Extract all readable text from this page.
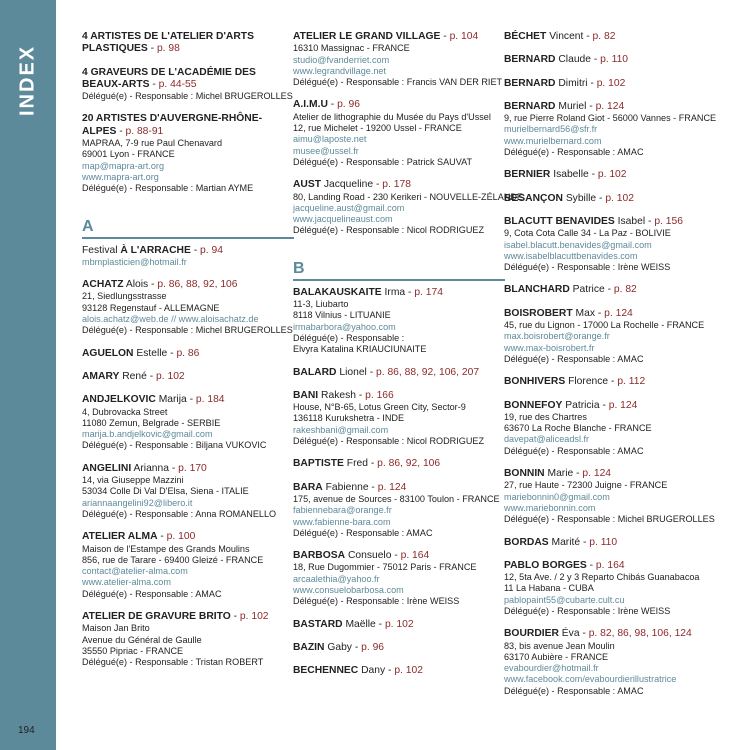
INDEX
194
4 ARTISTES DE L'ATELIER D'ARTS PLASTIQUES - p. 98
4 GRAVEURS DE L'ACADÉMIE DES BEAUX-ARTS - p. 44-55
Délégué(e) - Responsable : Michel BRUGEROLLES
20 ARTISTES D'AUVERGNE-RHÔNE-ALPES - p. 88-91
MAPRAA, 7-9 rue Paul Chenavard
69001 Lyon - FRANCE
map@mapra-art.org
www.mapra-art.org
Délégué(e) - Responsable : Martian AYME
A
Festival À L'ARRACHE - p. 94
mbmplasticien@hotmail.fr
ACHATZ Alois - p. 86, 88, 92, 106
21, Siedlungsstrasse
93128 Regenstauf - ALLEMAGNE
alois.achatz@web.de // www.aloisachatz.de
Délégué(e) - Responsable : Michel BRUGEROLLES
AGUELON Estelle - p. 86
AMARY René - p. 102
ANDJELKOVIC Marija - p. 184
4, Dubrovacka Street
11080 Zemun, Belgrade - SERBIE
marija.b.andjelkovic@gmail.com
Délégué(e) - Responsable : Biljana VUKOVIC
ANGELINI Arianna - p. 170
14, via Giuseppe Mazzini
53034 Colle Di Val D'Elsa, Siena - ITALIE
ariannaangelini92@libero.it
Délégué(e) - Responsable : Anna ROMANELLO
ATELIER ALMA - p. 100
Maison de l'Estampe des Grands Moulins
856, rue de Tarare - 69400 Gleizé - FRANCE
contact@atelier-alma.com
www.atelier-alma.com
Délégué(e) - Responsable : AMAC
ATELIER DE GRAVURE BRITO - p. 102
Maison Jan Brito
Avenue du Général de Gaulle
35550 Pipriac - FRANCE
Délégué(e) - Responsable : Tristan ROBERT
ATELIER LE GRAND VILLAGE - p. 104
16310 Massignac - FRANCE
studio@fvanderriet.com
www.legrandvillage.net
Délégué(e) - Responsable : Francis VAN DER RIET
A.I.M.U - p. 96
Atelier de lithographie du Musée du Pays d'Ussel
12, rue Michelet - 19200 Ussel - FRANCE
aimu@laposte.net
musee@ussel.fr
Délégué(e) - Responsable : Patrick SAUVAT
AUST Jacqueline - p. 178
80, Landing Road - 230 Kerikeri - NOUVELLE-ZÉLANDE
jacqueline.aust@gmail.com
www.jacquelineaust.com
Délégué(e) - Responsable : Nicol RODRIGUEZ
B
BALAKAUSKAITE Irma - p. 174
11-3, Liubarto
8118 Vilnius - LITUANIE
irmabarbora@yahoo.com
Délégué(e) - Responsable :
Elvyra Katalina KRIAUCIUNAITE
BALARD Lionel - p. 86, 88, 92, 106, 207
BANI Rakesh - p. 166
House, N°B-65, Lotus Green City, Sector-9
136118 Kurukshetra - INDE
rakeshbani@gmail.com
Délégué(e) - Responsable : Nicol RODRIGUEZ
BAPTISTE Fred - p. 86, 92, 106
BARA Fabienne - p. 124
175, avenue de Sources - 83100 Toulon - FRANCE
fabiennebara@orange.fr
www.fabienne-bara.com
Délégué(e) - Responsable : AMAC
BARBOSA Consuelo - p. 164
18, Rue Dugommier - 75012 Paris - FRANCE
arcaalethia@yahoo.fr
www.consuelobarbosa.com
Délégué(e) - Responsable : Irène WEISS
BASTARD Maëlle - p. 102
BAZIN Gaby - p. 96
BECHENNEC Dany - p. 102
BÉCHET Vincent - p. 82
BERNARD Claude - p. 110
BERNARD Dimitri - p. 102
BERNARD Muriel - p. 124
9, rue Pierre Roland Giot - 56000 Vannes - FRANCE
murielbernard56@sfr.fr
www.murielbernard.com
Délégué(e) - Responsable : AMAC
BERNIER Isabelle - p. 102
BESANÇON Sybille - p. 102
BLACUTT BENAVIDES Isabel - p. 156
9, Cota Cota Calle 34 - La Paz - BOLIVIE
isabel.blacutt.benavides@gmail.com
www.isabelblacuttbenavides.com
Délégué(e) - Responsable : Irène WEISS
BLANCHARD Patrice - p. 82
BOISROBERT Max - p. 124
45, rue du Lignon - 17000 La Rochelle - FRANCE
max.boisrobert@orange.fr
www.max-boisrobert.fr
Délégué(e) - Responsable : AMAC
BONHIVERS Florence - p. 112
BONNEFOY Patricia - p. 124
19, rue des Chartres
63670 La Roche Blanche - FRANCE
davepat@aliceadsl.fr
Délégué(e) - Responsable : AMAC
BONNIN Marie - p. 124
27, rue Haute - 72300 Juigne - FRANCE
mariebonnin0@gmail.com
www.mariebonnin.com
Délégué(e) - Responsable : Michel BRUGEROLLES
BORDAS Marité - p. 110
PABLO BORGES - p. 164
12, 5ta Ave. / 2 y 3 Reparto Chibás Guanabacoa
11 La Habana - CUBA
pablopaint55@cubarte.cult.cu
Délégué(e) - Responsable : Irène WEISS
BOURDIER Éva - p. 82, 86, 98, 106, 124
83, bis avenue Jean Moulin
63170 Aubière - FRANCE
evabourdier@hotmail.fr
www.facebook.com/evabourdierillustratrice
Délégué(e) - Responsable : AMAC
